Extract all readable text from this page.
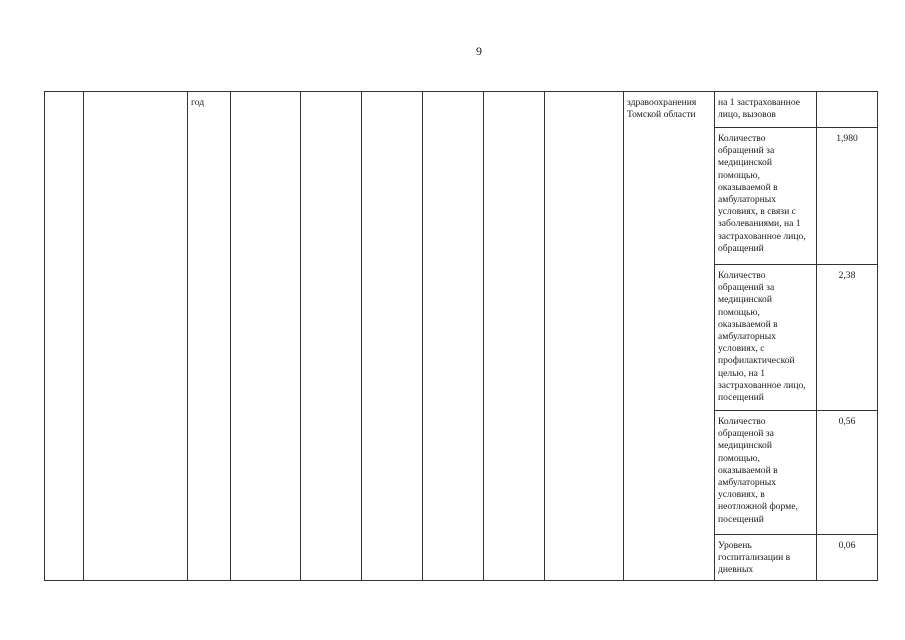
9
		год							здравоохранения Томской области	на 1 застрахованное лицо, вызовов	
										Количество обращений за медицинской помощью, оказываемой в амбулаторных условиях, в связи с заболеваниями, на 1 застрахованное лицо, обращений	1,980
										Количество обращений за медицинской помощью, оказываемой в амбулаторных условиях, с профилактической целью, на 1 застрахованное лицо, посещений	2,38
										Количество обращеной за медицинской помощью, оказываемой в амбулаторных условиях, в неотложной форме, посещений	0,56
										Уровень госпитализации в дневных	0,06
